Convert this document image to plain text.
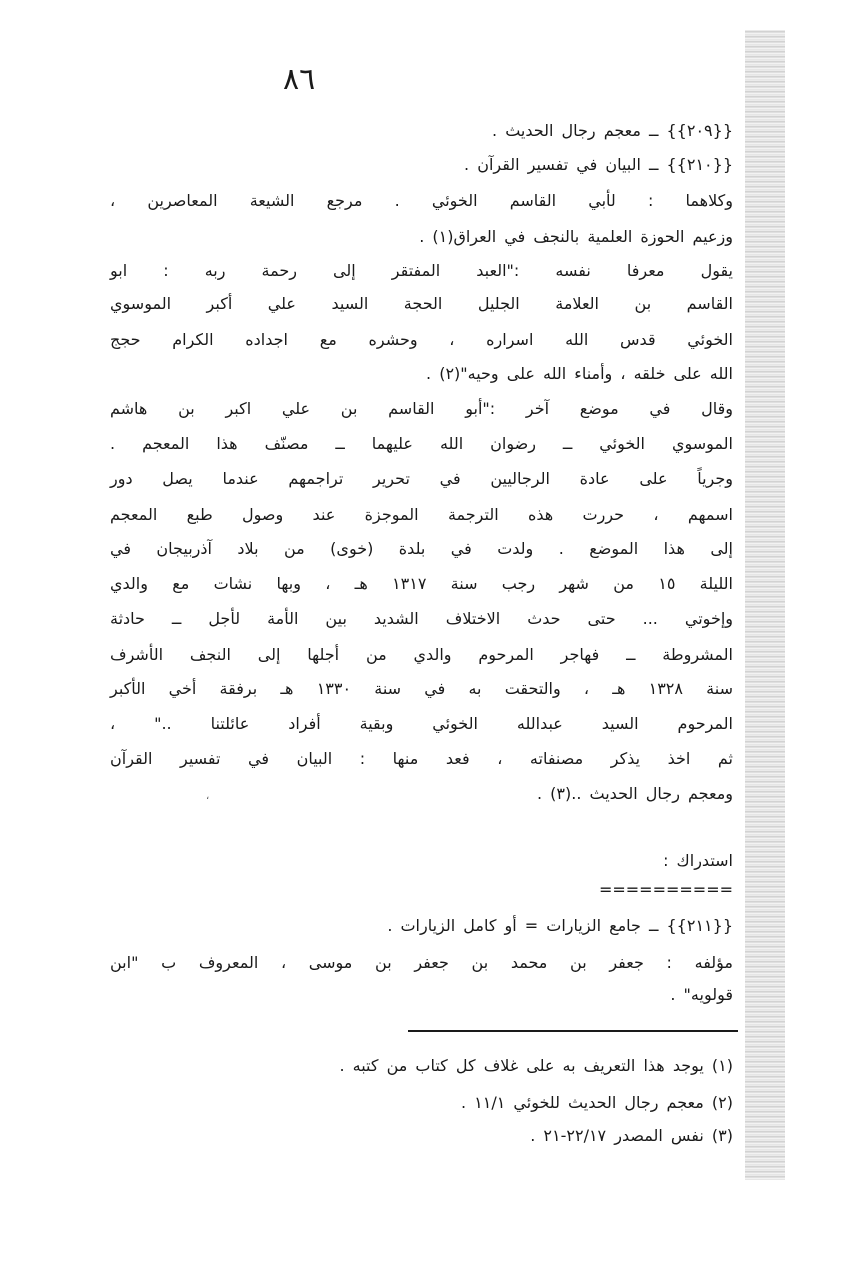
٨٦
{{٢٠٩}} ــ معجم رجال الحديث .
{{٢١٠}} ــ البيان في تفسير القرآن .
وكلاهما : لأبي القاسم الخوئي . مرجع الشيعة المعاصرين ،
وزعيم الحوزة العلمية بالنجف في العراق(١) .
يقول معرفا نفسه :"العبد المفتقر إلى رحمة ربه : ابو
القاسم بن العلامة الجليل الحجة السيد علي أكبر الموسوي
الخوئي قدس الله اسراره ، وحشره مع اجداده الكرام حجج
الله على خلقه ، وأمناء الله على وحيه"(٢) .
وقال في موضع آخر :"أبو القاسم بن علي اكبر بن هاشم
الموسوي الخوئي ــ رضوان الله عليهما ــ مصنّف هذا المعجم .
وجرياً على عادة الرجاليين في تحرير تراجمهم عندما يصل دور
اسمهم ، حررت هذه الترجمة الموجزة عند وصول طبع المعجم
إلى هذا الموضع . ولدت في بلدة (خوى) من بلاد آذربيجان في
الليلة ١٥ من شهر رجب سنة ١٣١٧ هـ ، وبها نشات مع والدي
وإخوتي ... حتى حدث الاختلاف الشديد بين الأمة لأجل ــ حادثة
المشروطة ــ فهاجر المرحوم والدي من أجلها إلى النجف الأشرف
سنة ١٣٢٨ هـ ، والتحقت به في سنة ١٣٣٠ هـ برفقة أخي الأكبر
المرحوم السيد عبدالله الخوئي وبقية أفراد عائلتنا .." ،
ثم اخذ يذكر مصنفاته ، فعد منها : البيان في تفسير القرآن
ومعجم رجال الحديث ..(٣) .
،
استدراك :
==========
{{٢١١}} ــ جامع الزيارات = أو كامل الزيارات .
مؤلفه : جعفر بن محمد بن جعفر بن موسى ، المعروف ب "ابن
قولويه" .
(١) يوجد هذا التعريف به على غلاف كل كتاب من كتبه .
(٢) معجم رجال الحديث للخوئي ١١/١ .
(٣) نفس المصدر ٢٢/١٧-٢١ .
